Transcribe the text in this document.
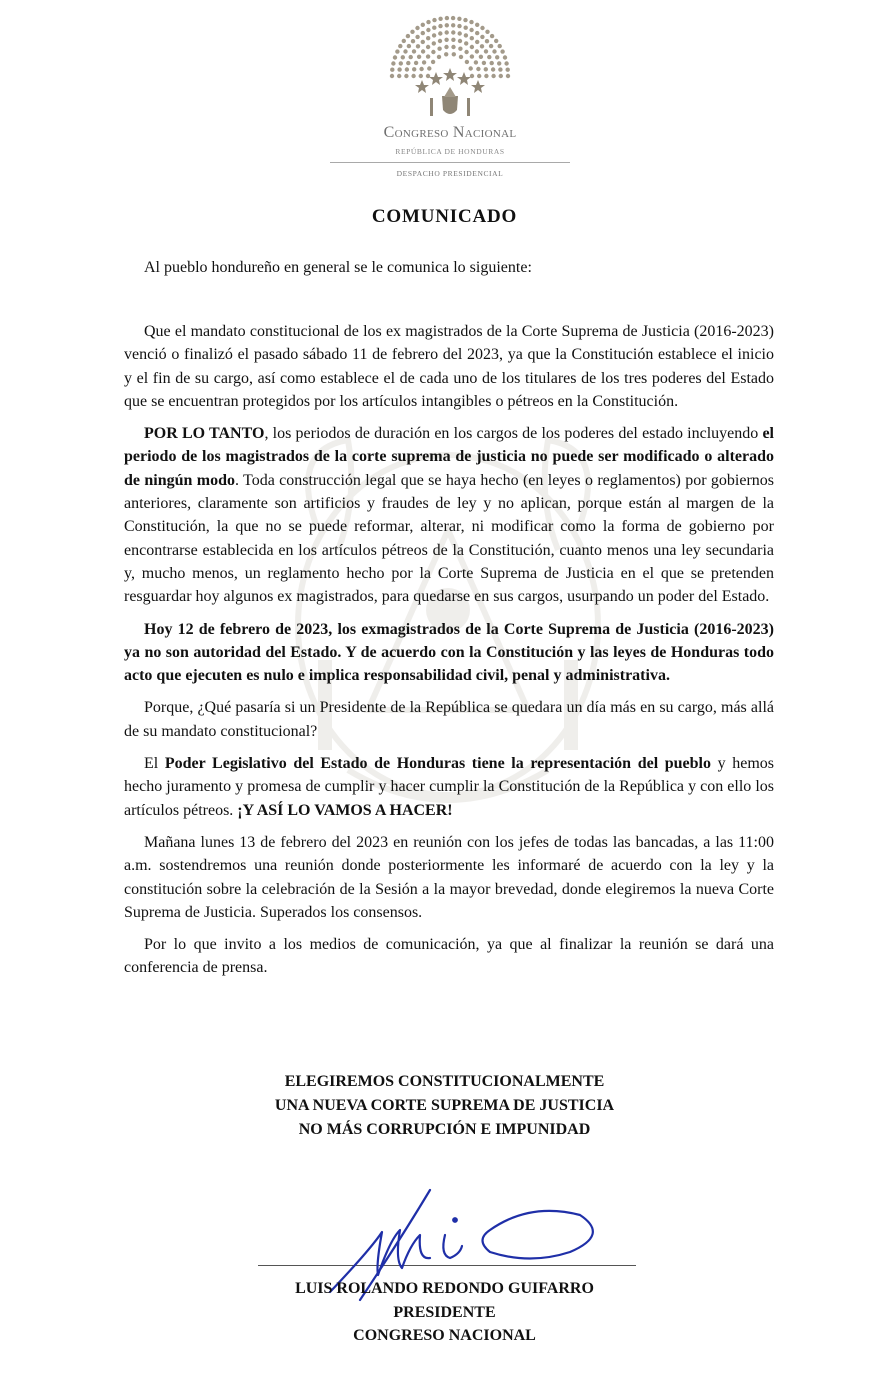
Congreso Nacional
REPÚBLICA DE HONDURAS
DESPACHO PRESIDENCIAL
COMUNICADO
Al pueblo hondureño en general se le comunica lo siguiente:

Que el mandato constitucional de los ex magistrados de la Corte Suprema de Justicia (2016-2023) venció o finalizó el pasado sábado 11 de febrero del 2023, ya que la Constitución establece el inicio y el fin de su cargo, así como establece el de cada uno de los titulares de los tres poderes del Estado que se encuentran protegidos por los artículos intangibles o pétreos en la Constitución.

POR LO TANTO, los periodos de duración en los cargos de los poderes del estado incluyendo el periodo de los magistrados de la corte suprema de justicia no puede ser modificado o alterado de ningún modo. Toda construcción legal que se haya hecho (en leyes o reglamentos) por gobiernos anteriores, claramente son artificios y fraudes de ley y no aplican, porque están al margen de la Constitución, la que no se puede reformar, alterar, ni modificar como la forma de gobierno por encontrarse establecida en los artículos pétreos de la Constitución, cuanto menos una ley secundaria y, mucho menos, un reglamento hecho por la Corte Suprema de Justicia en el que se pretenden resguardar hoy algunos ex magistrados, para quedarse en sus cargos, usurpando un poder del Estado.

Hoy 12 de febrero de 2023, los exmagistrados de la Corte Suprema de Justicia (2016-2023) ya no son autoridad del Estado. Y de acuerdo con la Constitución y las leyes de Honduras todo acto que ejecuten es nulo e implica responsabilidad civil, penal y administrativa.

Porque, ¿Qué pasaría si un Presidente de la República se quedara un día más en su cargo, más allá de su mandato constitucional?

El Poder Legislativo del Estado de Honduras tiene la representación del pueblo y hemos hecho juramento y promesa de cumplir y hacer cumplir la Constitución de la República y con ello los artículos pétreos. ¡Y ASÍ LO VAMOS A HACER!

Mañana lunes 13 de febrero del 2023 en reunión con los jefes de todas las bancadas, a las 11:00 a.m. sostendremos una reunión donde posteriormente les informaré de acuerdo con la ley y la constitución sobre la celebración de la Sesión a la mayor brevedad, donde elegiremos la nueva Corte Suprema de Justicia. Superados los consensos.

Por lo que invito a los medios de comunicación, ya que al finalizar la reunión se dará una conferencia de prensa.

ELEGIREMOS CONSTITUCIONALMENTE
UNA NUEVA CORTE SUPREMA DE JUSTICIA
NO MÁS CORRUPCIÓN E IMPUNIDAD
LUIS ROLANDO REDONDO GUIFARRO
PRESIDENTE
CONGRESO NACIONAL
